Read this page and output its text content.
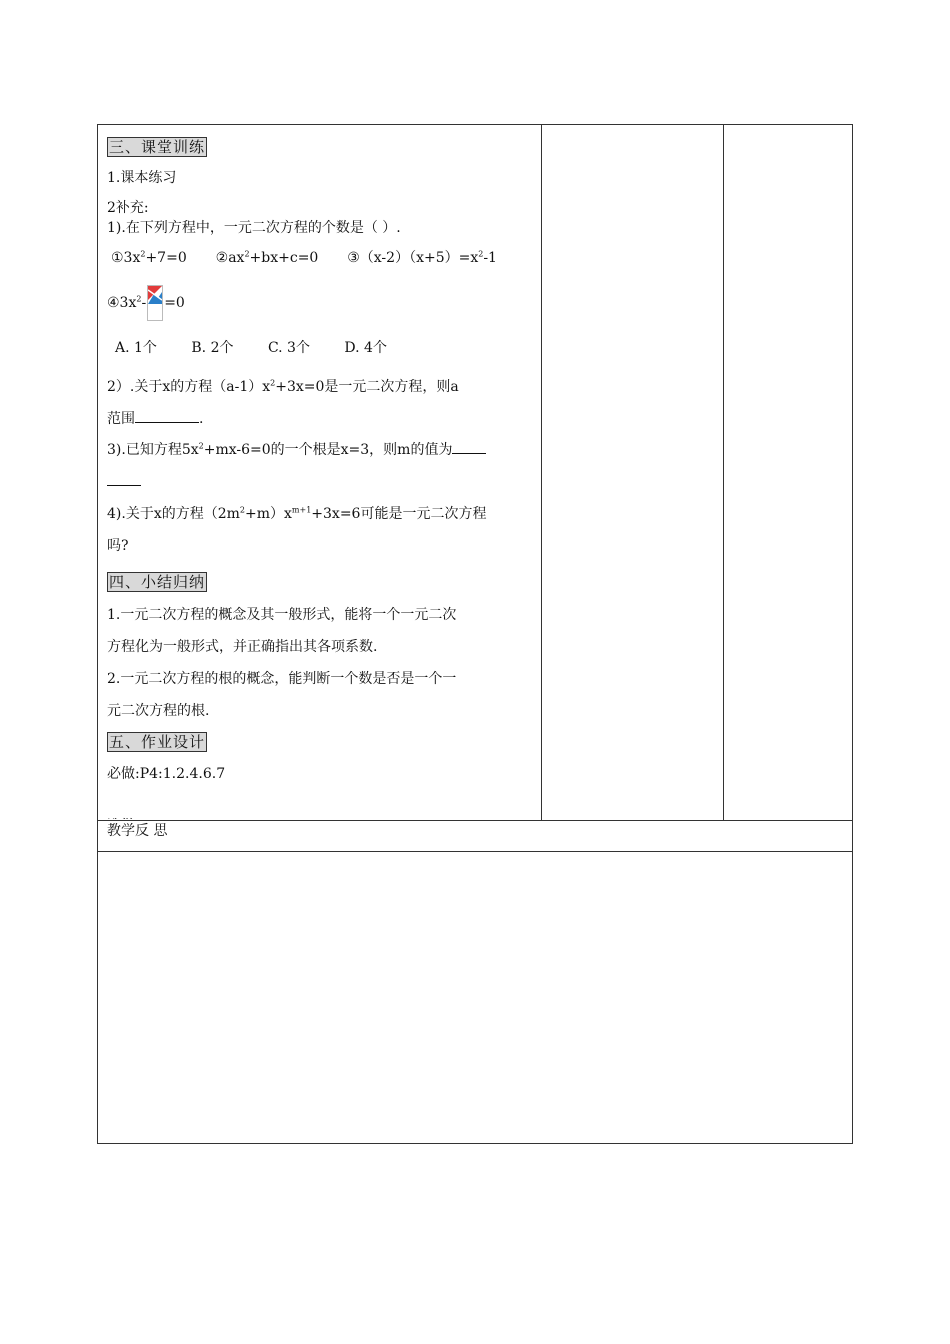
三、课堂训练
1.课本练习
2补充:
1).在下列方程中，一元二次方程的个数是（ ）.
$①3x^2+7=0$ $②ax^2+bx+c=0$ $③(x-2)(x+5)=x^2-1$
$④3x^2- =0$
A. 1个 B. 2个 C. 3个 D. 4个
2）.关于x的方程$(a-1)x^2+3x=0$是一元二次方程，则a
范围	.
3).已知方程$5x^2+mx-6=0$的一个根是x=3，则m的值为
4).关于x的方程$(2m^2+m)x^{m+1}+3x=6$可能是一元二次方程
吗?
四、小结归纳
1.一元二次方程的概念及其一般形式，能将一个一元二次
方程化为一般形式，并正确指出其各项系数.
2.一元二次方程的根的概念，能判断一个数是否是一个一
元二次方程的根.
五、作业设计
必做:P4:1.2.4.6.7
教学反 思
